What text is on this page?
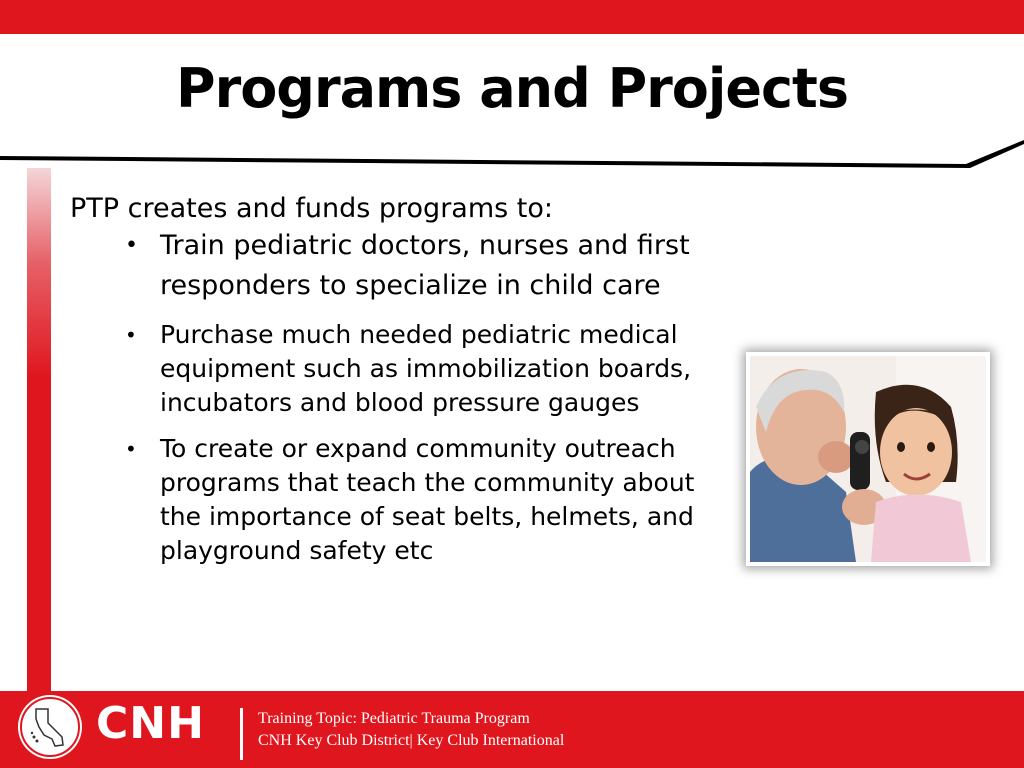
Programs and Projects

PTP creates and funds programs to:

• Train pediatric doctors, nurses and first responders to specialize in child care
• Purchase much needed pediatric medical equipment such as immobilization boards, incubators and blood pressure gauges
• To create or expand community outreach programs that teach the community about the importance of seat belts, helmets, and playground safety etc
CNH	Training Topic: Pediatric Trauma Program
CNH Key Club District| Key Club International
